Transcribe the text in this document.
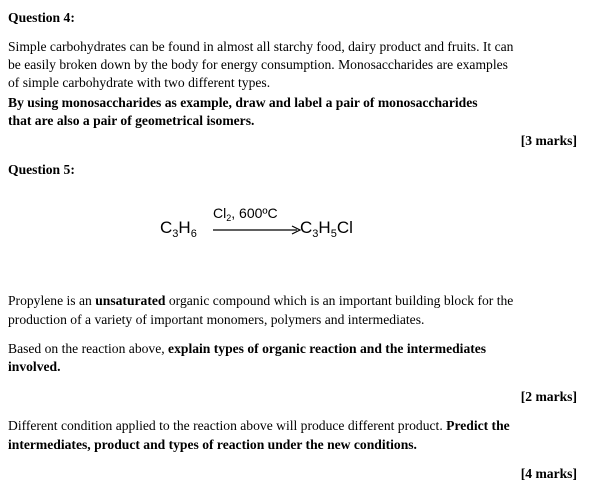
Question 4:
Simple carbohydrates can be found in almost all starchy food, dairy product and fruits. It can
be easily broken down by the body for energy consumption. Monosaccharides are examples
of simple carbohydrate with two different types.
By using monosaccharides as example, draw and label a pair of monosaccharides
that are also a pair of geometrical isomers.
[3 marks]
Question 5:
$C_3H_6$
$Cl_2$, 600ºC
$C_3H_5Cl$
Propylene is an unsaturated organic compound which is an important building block for the
production of a variety of important monomers, polymers and intermediates.
Based on the reaction above, explain types of organic reaction and the intermediates
involved.
[2 marks]
Different condition applied to the reaction above will produce different product. Predict the
intermediates, product and types of reaction under the new conditions.
[4 marks]
